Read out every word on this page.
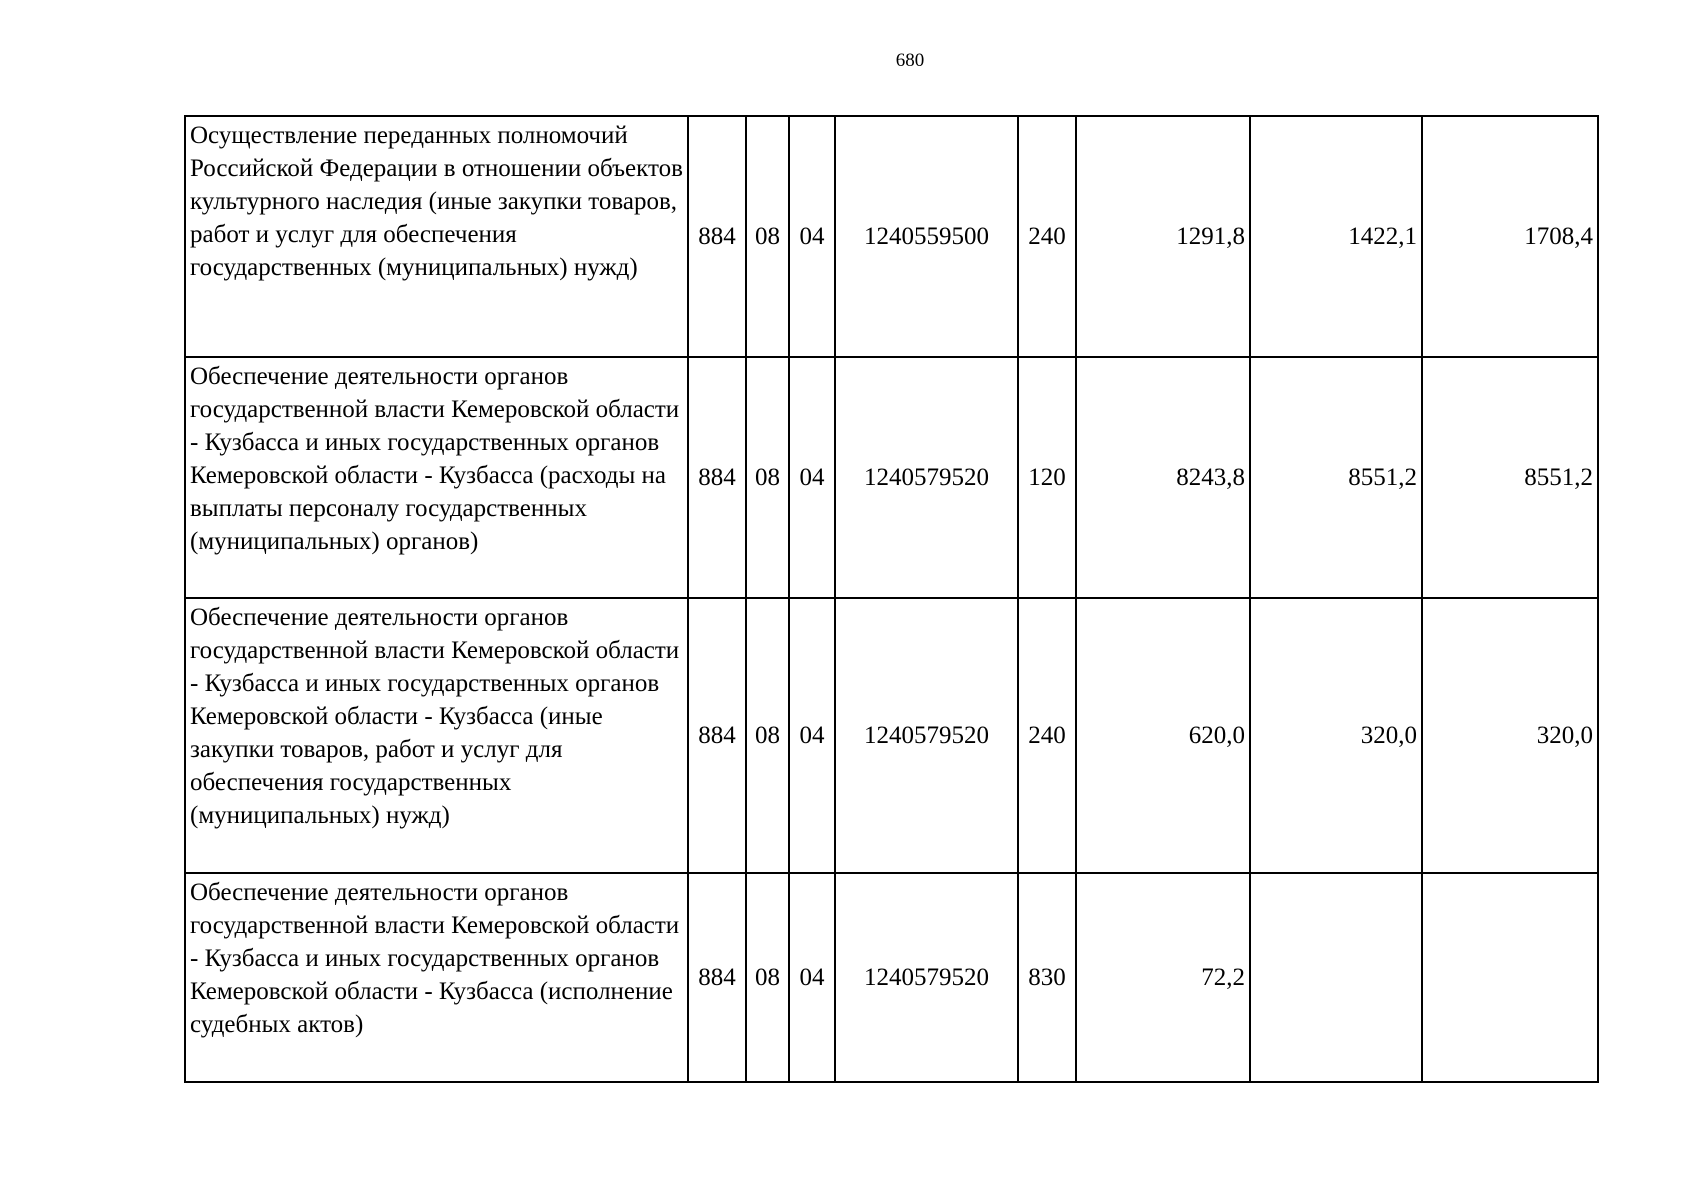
680
Осуществление переданных полномочий Российской Федерации в отношении объектов культурного наследия (иные закупки товаров, работ и услуг для обеспечения государственных (муниципальных) нужд)	884	08	04	1240559500	240	1291,8	1422,1	1708,4
Обеспечение деятельности органов государственной власти Кемеровской области - Кузбасса и иных государственных органов Кемеровской области - Кузбасса (расходы на выплаты персоналу государственных (муниципальных) органов)	884	08	04	1240579520	120	8243,8	8551,2	8551,2
Обеспечение деятельности органов государственной власти Кемеровской области - Кузбасса и иных государственных органов Кемеровской области - Кузбасса (иные закупки товаров, работ и услуг для обеспечения государственных (муниципальных) нужд)	884	08	04	1240579520	240	620,0	320,0	320,0
Обеспечение деятельности органов государственной власти Кемеровской области - Кузбасса и иных государственных органов Кемеровской области - Кузбасса (исполнение судебных актов)	884	08	04	1240579520	830	72,2		
